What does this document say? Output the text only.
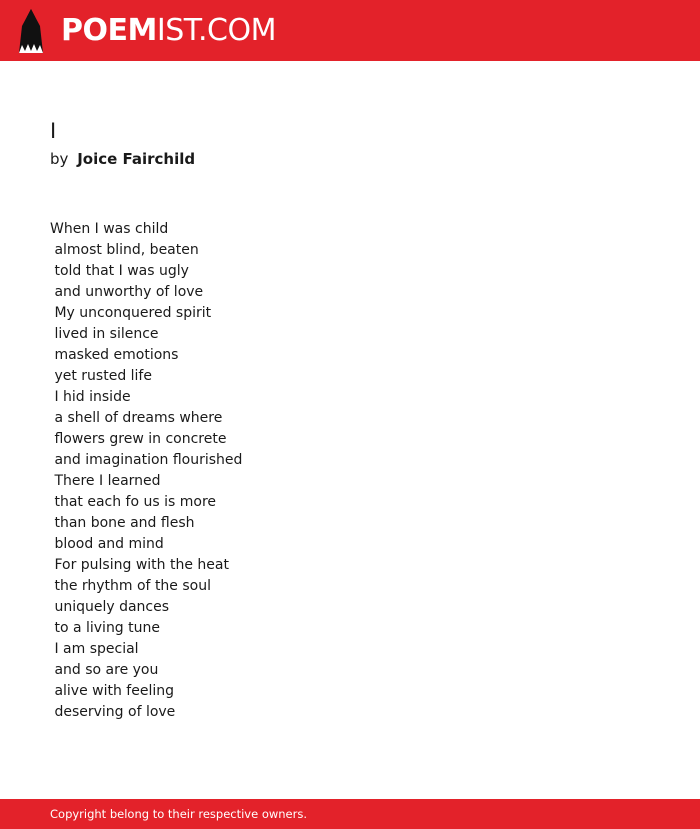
POEMIST.COM
I
by Joice Fairchild
When I was child
almost blind, beaten
told that I was ugly
and unworthy of love
My unconquered spirit
lived in silence
masked emotions
yet rusted life
I hid inside
a shell of dreams where
flowers grew in concrete
and imagination flourished
There I learned
that each fo us is more
than bone and flesh
blood and mind
For pulsing with the heat
the rhythm of the soul
uniquely dances
to a living tune
I am special
and so are you
alive with feeling
deserving of love
Copyright belong to their respective owners.
